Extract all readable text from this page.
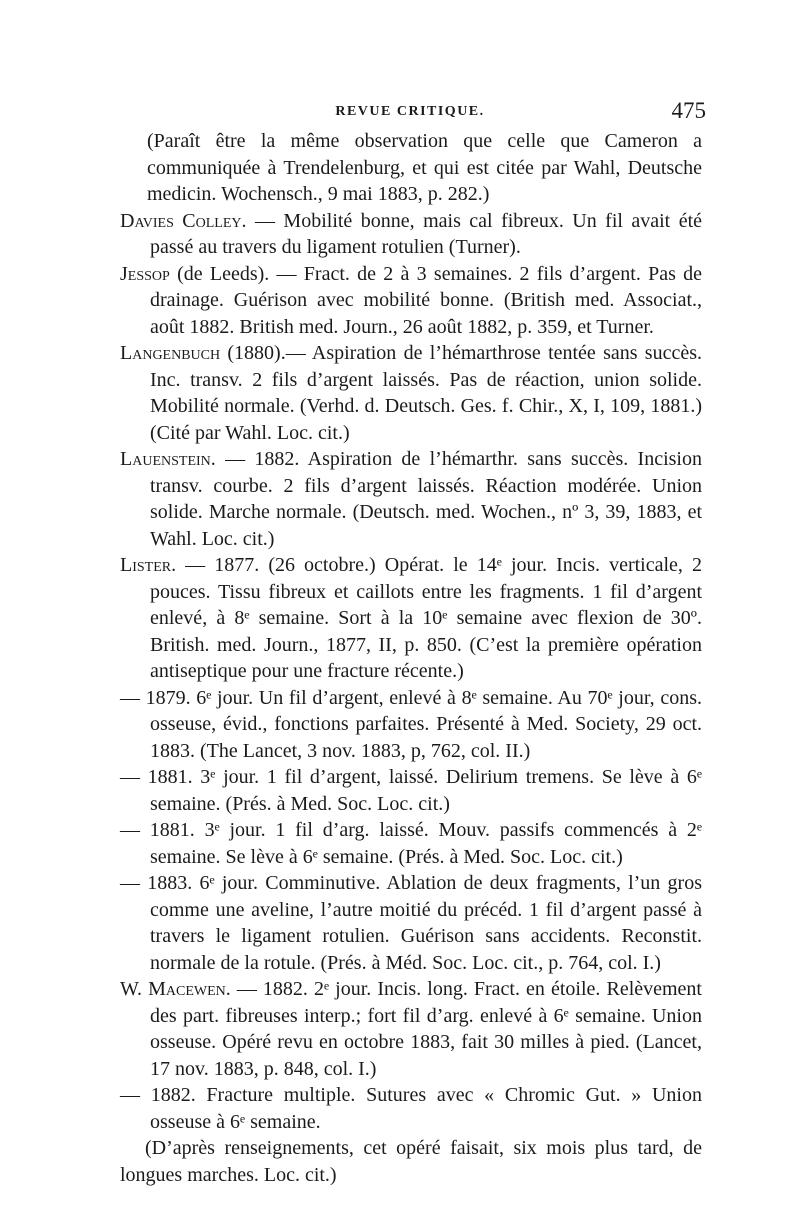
REVUE CRITIQUE.	475

(Paraît être la même observation que celle que Cameron a communiquée à Trendelenburg, et qui est citée par Wahl, Deutsche medicin. Wochensch., 9 mai 1883, p. 282.)

Davies Colley. — Mobilité bonne, mais cal fibreux. Un fil avait été passé au travers du ligament rotulien (Turner).

Jessop (de Leeds). — Fract. de 2 à 3 semaines. 2 fils d’argent. Pas de drainage. Guérison avec mobilité bonne. (British med. Associat., août 1882. British med. Journ., 26 août 1882, p. 359, et Turner.

Langenbuch (1880).— Aspiration de l’hémarthrose tentée sans succès. Inc. transv. 2 fils d’argent laissés. Pas de réaction, union solide. Mobilité normale. (Verhd. d. Deutsch. Ges. f. Chir., X, I, 109, 1881.) (Cité par Wahl. Loc. cit.)

Lauenstein. — 1882. Aspiration de l’hémarthr. sans succès. Incision transv. courbe. 2 fils d’argent laissés. Réaction modérée. Union solide. Marche normale. (Deutsch. med. Wochen., nº 3, 39, 1883, et Wahl. Loc. cit.)

Lister. — 1877. (26 octobre.) Opérat. le 14ᵉ jour. Incis. verticale, 2 pouces. Tissu fibreux et caillots entre les fragments. 1 fil d’argent enlevé, à 8ᵉ semaine. Sort à la 10ᵉ semaine avec flexion de 30º. British. med. Journ., 1877, II, p. 850. (C’est la première opération antiseptique pour une fracture récente.)

— 1879. 6ᵉ jour. Un fil d’argent, enlevé à 8ᵉ semaine. Au 70ᵉ jour, cons. osseuse, évid., fonctions parfaites. Présenté à Med. Society, 29 oct. 1883. (The Lancet, 3 nov. 1883, p, 762, col. II.)

— 1881. 3ᵉ jour. 1 fil d’argent, laissé. Delirium tremens. Se lève à 6ᵉ semaine. (Prés. à Med. Soc. Loc. cit.)

— 1881. 3ᵉ jour. 1 fil d’arg. laissé. Mouv. passifs commencés à 2ᵉ semaine. Se lève à 6ᵉ semaine. (Prés. à Med. Soc. Loc. cit.)

— 1883. 6ᵉ jour. Comminutive. Ablation de deux fragments, l’un gros comme une aveline, l’autre moitié du précéd. 1 fil d’argent passé à travers le ligament rotulien. Guérison sans accidents. Reconstit. normale de la rotule. (Prés. à Méd. Soc. Loc. cit., p. 764, col. I.)

W. Macewen. — 1882. 2ᵉ jour. Incis. long. Fract. en étoile. Relèvement des part. fibreuses interp.; fort fil d’arg. enlevé à 6ᵉ semaine. Union osseuse. Opéré revu en octobre 1883, fait 30 milles à pied. (Lancet, 17 nov. 1883, p. 848, col. I.)

— 1882. Fracture multiple. Sutures avec « Chromic Gut. » Union osseuse à 6ᵉ semaine.

(D’après renseignements, cet opéré faisait, six mois plus tard, de longues marches. Loc. cit.)
